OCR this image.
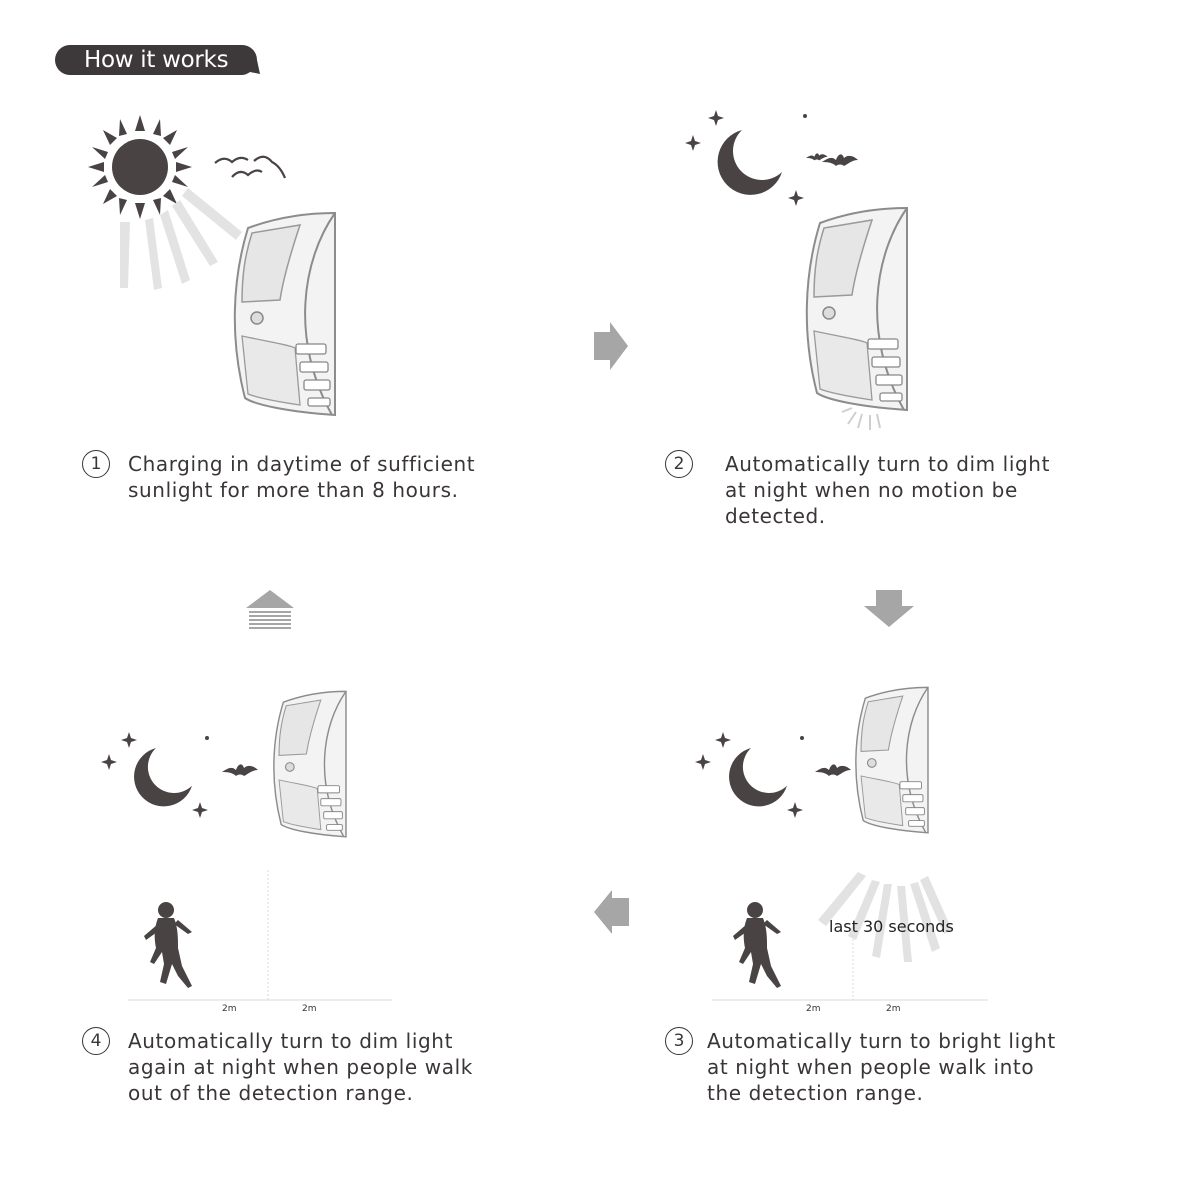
How it works
2m	2m	2m	2m
last 30 seconds
1	Charging in daytime of sufficient
sunlight for more than 8 hours.
2	Automatically turn to dim light
at night when no motion be
detected.
3	Automatically turn to bright light
at night when people walk into
the detection range.
4	Automatically turn to dim light
again at night when people walk
out of the detection range.
